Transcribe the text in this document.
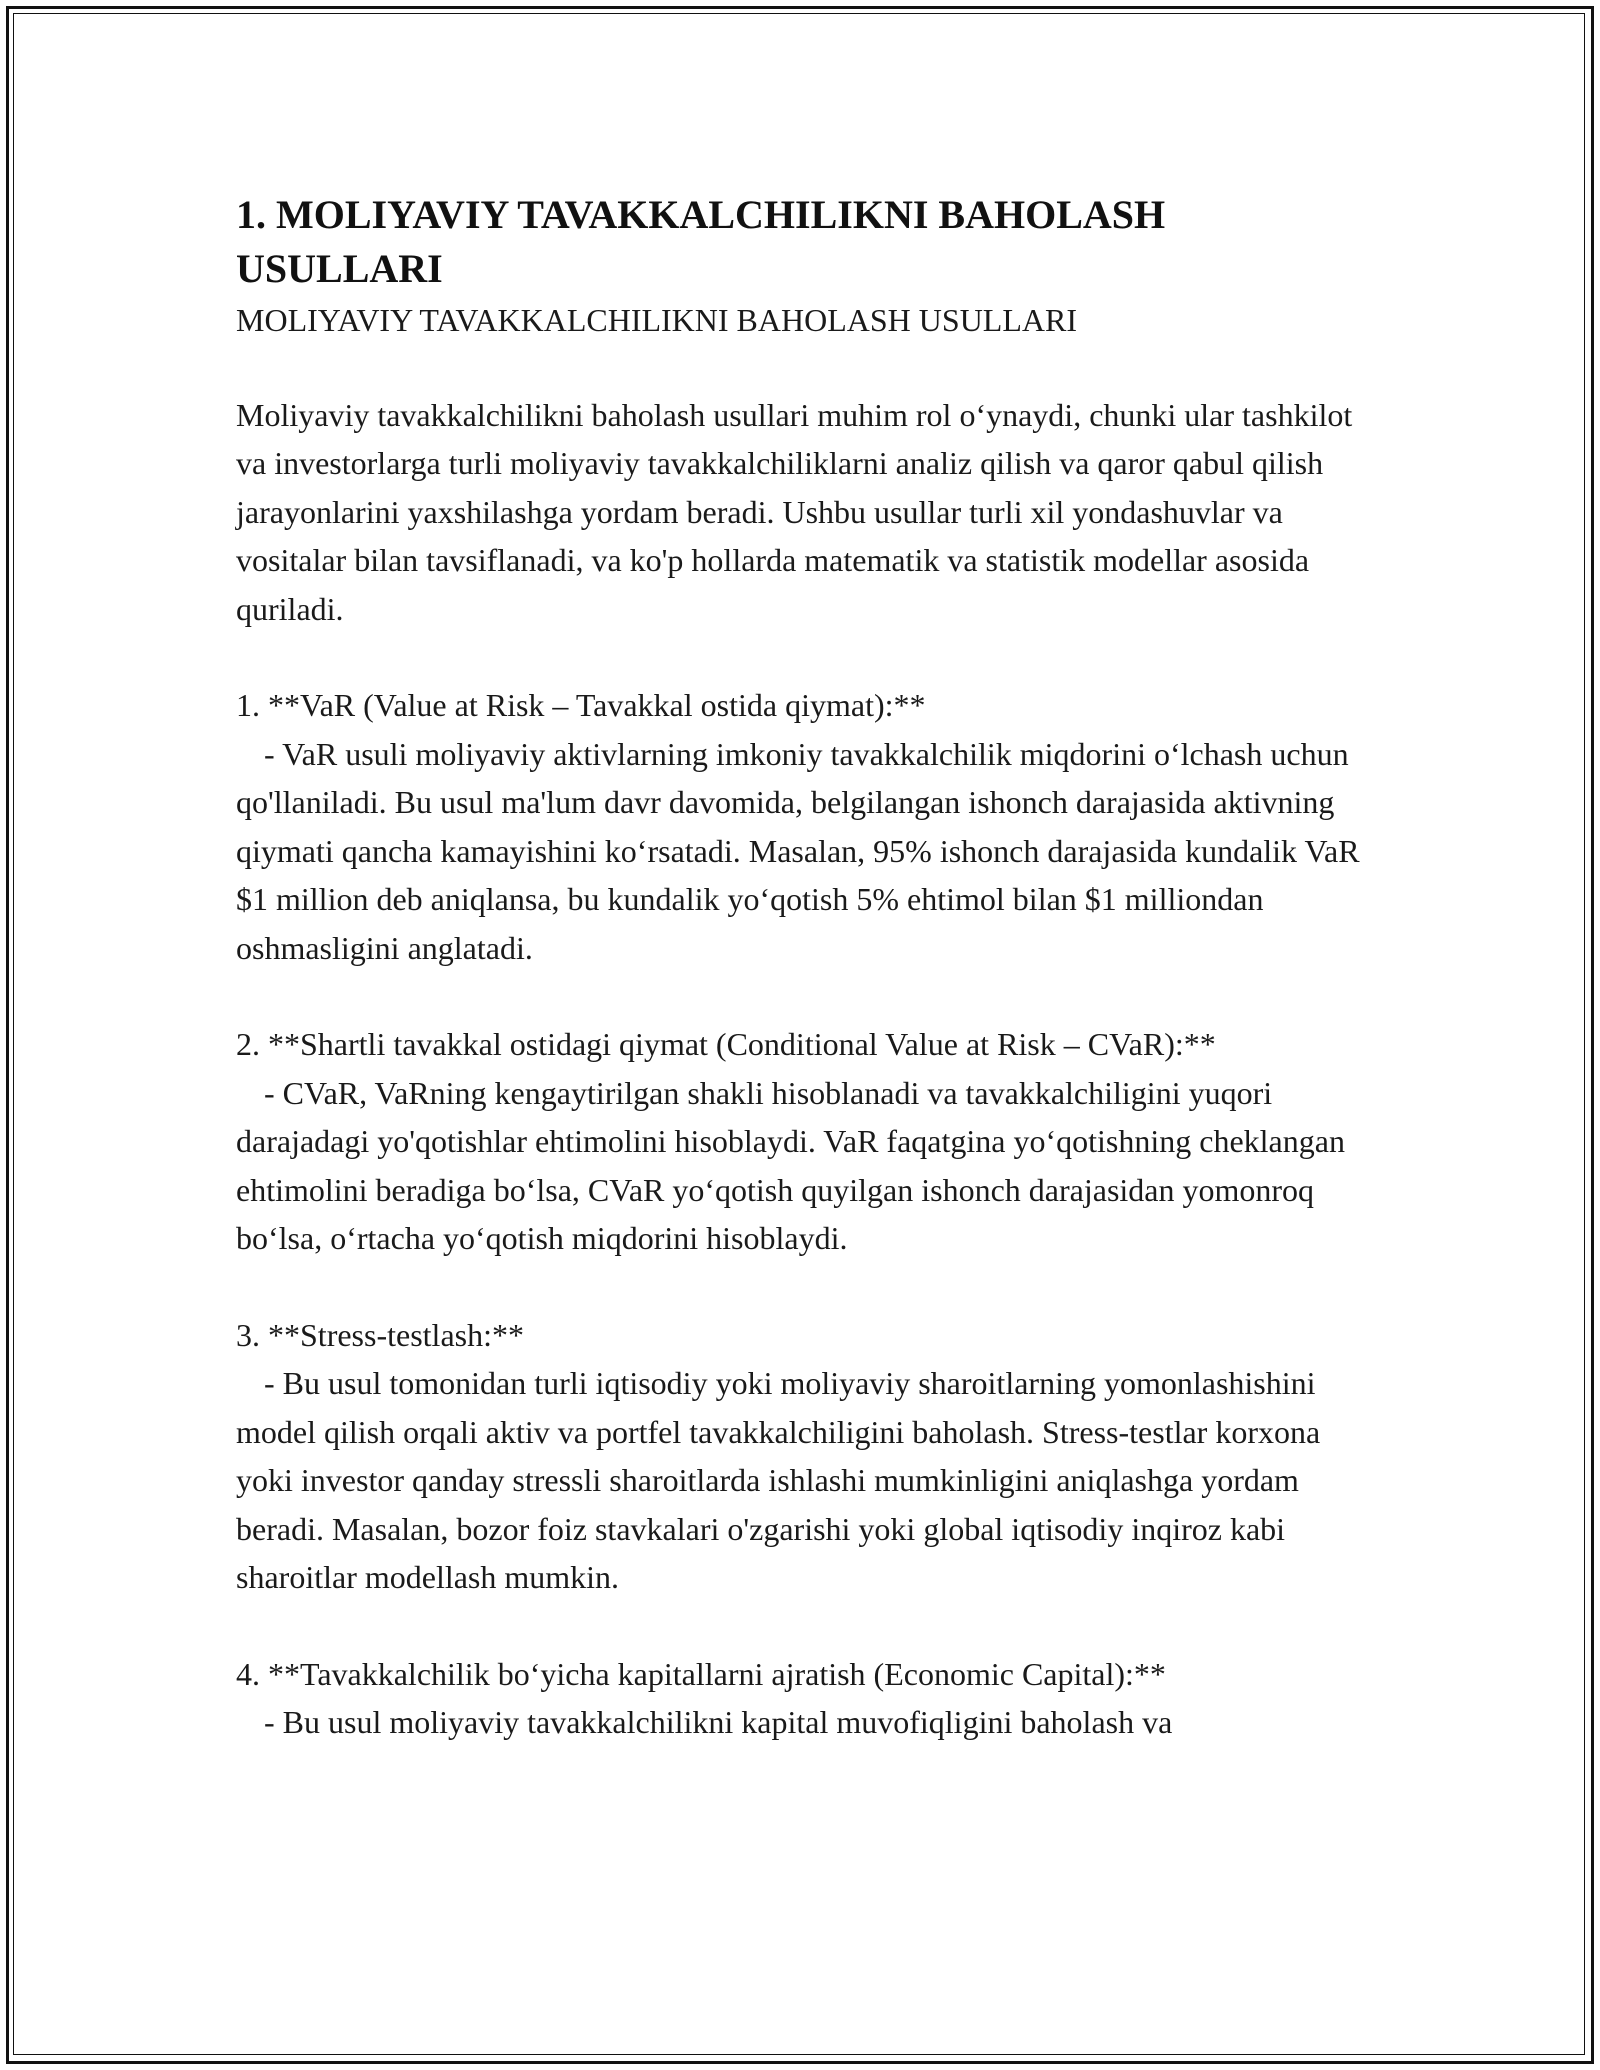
1. MOLIYAVIY TAVAKKALCHILIKNI BAHOLASH USULLARI

MOLIYAVIY TAVAKKALCHILIKNI BAHOLASH USULLARI

Moliyaviy tavakkalchilikni baholash usullari muhim rol o‘ynaydi, chunki ular tashkilot va investorlarga turli moliyaviy tavakkalchiliklarni analiz qilish va qaror qabul qilish jarayonlarini yaxshilashga yordam beradi. Ushbu usullar turli xil yondashuvlar va vositalar bilan tavsiflanadi, va ko'p hollarda matematik va statistik modellar asosida quriladi.

1. **VaR (Value at Risk – Tavakkal ostida qiymat):**

- VaR usuli moliyaviy aktivlarning imkoniy tavakkalchilik miqdorini o‘lchash uchun qo'llaniladi. Bu usul ma'lum davr davomida, belgilangan ishonch darajasida aktivning qiymati qancha kamayishini ko‘rsatadi. Masalan, 95% ishonch darajasida kundalik VaR $1 million deb aniqlansa, bu kundalik yo‘qotish 5% ehtimol bilan $1 milliondan oshmasligini anglatadi.

2. **Shartli tavakkal ostidagi qiymat (Conditional Value at Risk – CVaR):**

- CVaR, VaRning kengaytirilgan shakli hisoblanadi va tavakkalchiligini yuqori darajadagi yo'qotishlar ehtimolini hisoblaydi. VaR faqatgina yo‘qotishning cheklangan ehtimolini beradiga bo‘lsa, CVaR yo‘qotish quyilgan ishonch darajasidan yomonroq bo‘lsa, o‘rtacha yo‘qotish miqdorini hisoblaydi.

3. **Stress-testlash:**

- Bu usul tomonidan turli iqtisodiy yoki moliyaviy sharoitlarning yomonlashishini model qilish orqali aktiv va portfel tavakkalchiligini baholash. Stress-testlar korxona yoki investor qanday stressli sharoitlarda ishlashi mumkinligini aniqlashga yordam beradi. Masalan, bozor foiz stavkalari o'zgarishi yoki global iqtisodiy inqiroz kabi sharoitlar modellash mumkin.

4. **Tavakkalchilik bo‘yicha kapitallarni ajratish (Economic Capital):**

- Bu usul moliyaviy tavakkalchilikni kapital muvofiqligini baholash va
